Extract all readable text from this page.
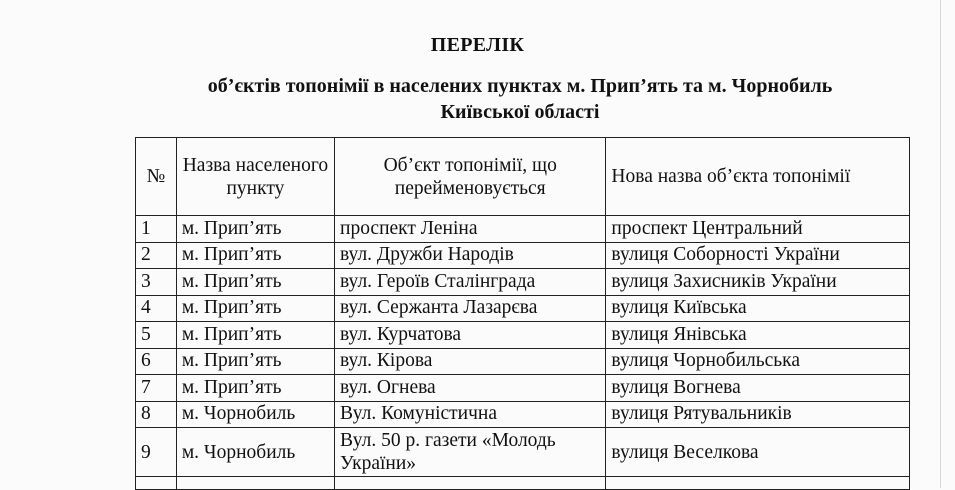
ПЕРЕЛІК
об’єктів топонімії в населених пунктах м. Прип’ять та м. Чорнобиль
Київської області
№	Назва населеного пункту	Об’єкт топонімії, що перейменовується	Нова назва об’єкта топонімії
1	м. Прип’ять	проспект Леніна	проспект Центральний
2	м. Прип’ять	вул. Дружби Народів	вулиця Соборності України
3	м. Прип’ять	вул. Героїв Сталінграда	вулиця Захисників України
4	м. Прип’ять	вул. Сержанта Лазарєва	вулиця Київська
5	м. Прип’ять	вул. Курчатова	вулиця Янівська
6	м. Прип’ять	вул. Кірова	вулиця Чорнобильська
7	м. Прип’ять	вул. Огнева	вулиця Вогнева
8	м. Чорнобиль	Вул. Комуністична	вулиця Рятувальників
9	м. Чорнобиль	Вул. 50 р. газети «Молодь України»	вулиця Веселкова
